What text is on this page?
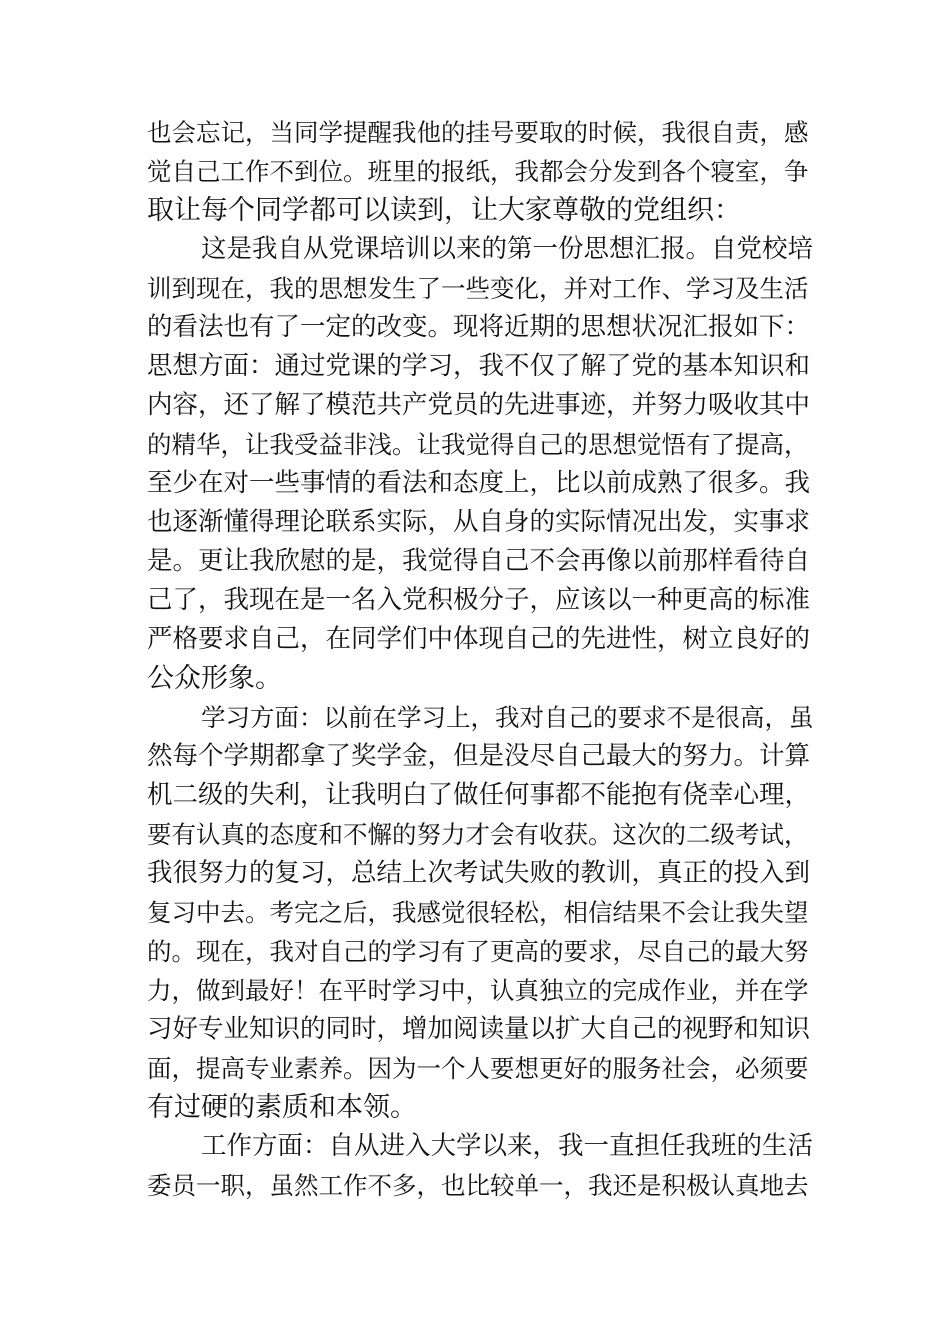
也会忘记，当同学提醒我他的挂号要取的时候，我很自责，感
觉自己工作不到位。班里的报纸，我都会分发到各个寝室，争
取让每个同学都可以读到，让大家尊敬的党组织：
这是我自从党课培训以来的第一份思想汇报。自党校培
训到现在，我的思想发生了一些变化，并对工作、学习及生活
的看法也有了一定的改变。现将近期的思想状况汇报如下：
思想方面：通过党课的学习，我不仅了解了党的基本知识和
内容，还了解了模范共产党员的先进事迹，并努力吸收其中
的精华，让我受益非浅。让我觉得自己的思想觉悟有了提高，
至少在对一些事情的看法和态度上，比以前成熟了很多。我
也逐渐懂得理论联系实际，从自身的实际情况出发，实事求
是。更让我欣慰的是，我觉得自己不会再像以前那样看待自
己了，我现在是一名入党积极分子，应该以一种更高的标准
严格要求自己，在同学们中体现自己的先进性，树立良好的
公众形象。
学习方面：以前在学习上，我对自己的要求不是很高，虽
然每个学期都拿了奖学金，但是没尽自己最大的努力。计算
机二级的失利，让我明白了做任何事都不能抱有侥幸心理，
要有认真的态度和不懈的努力才会有收获。这次的二级考试，
我很努力的复习，总结上次考试失败的教训，真正的投入到
复习中去。考完之后，我感觉很轻松，相信结果不会让我失望
的。现在，我对自己的学习有了更高的要求，尽自己的最大努
力，做到最好！在平时学习中，认真独立的完成作业，并在学
习好专业知识的同时，增加阅读量以扩大自己的视野和知识
面，提高专业素养。因为一个人要想更好的服务社会，必须要
有过硬的素质和本领。
工作方面：自从进入大学以来，我一直担任我班的生活
委员一职，虽然工作不多，也比较单一，我还是积极认真地去
